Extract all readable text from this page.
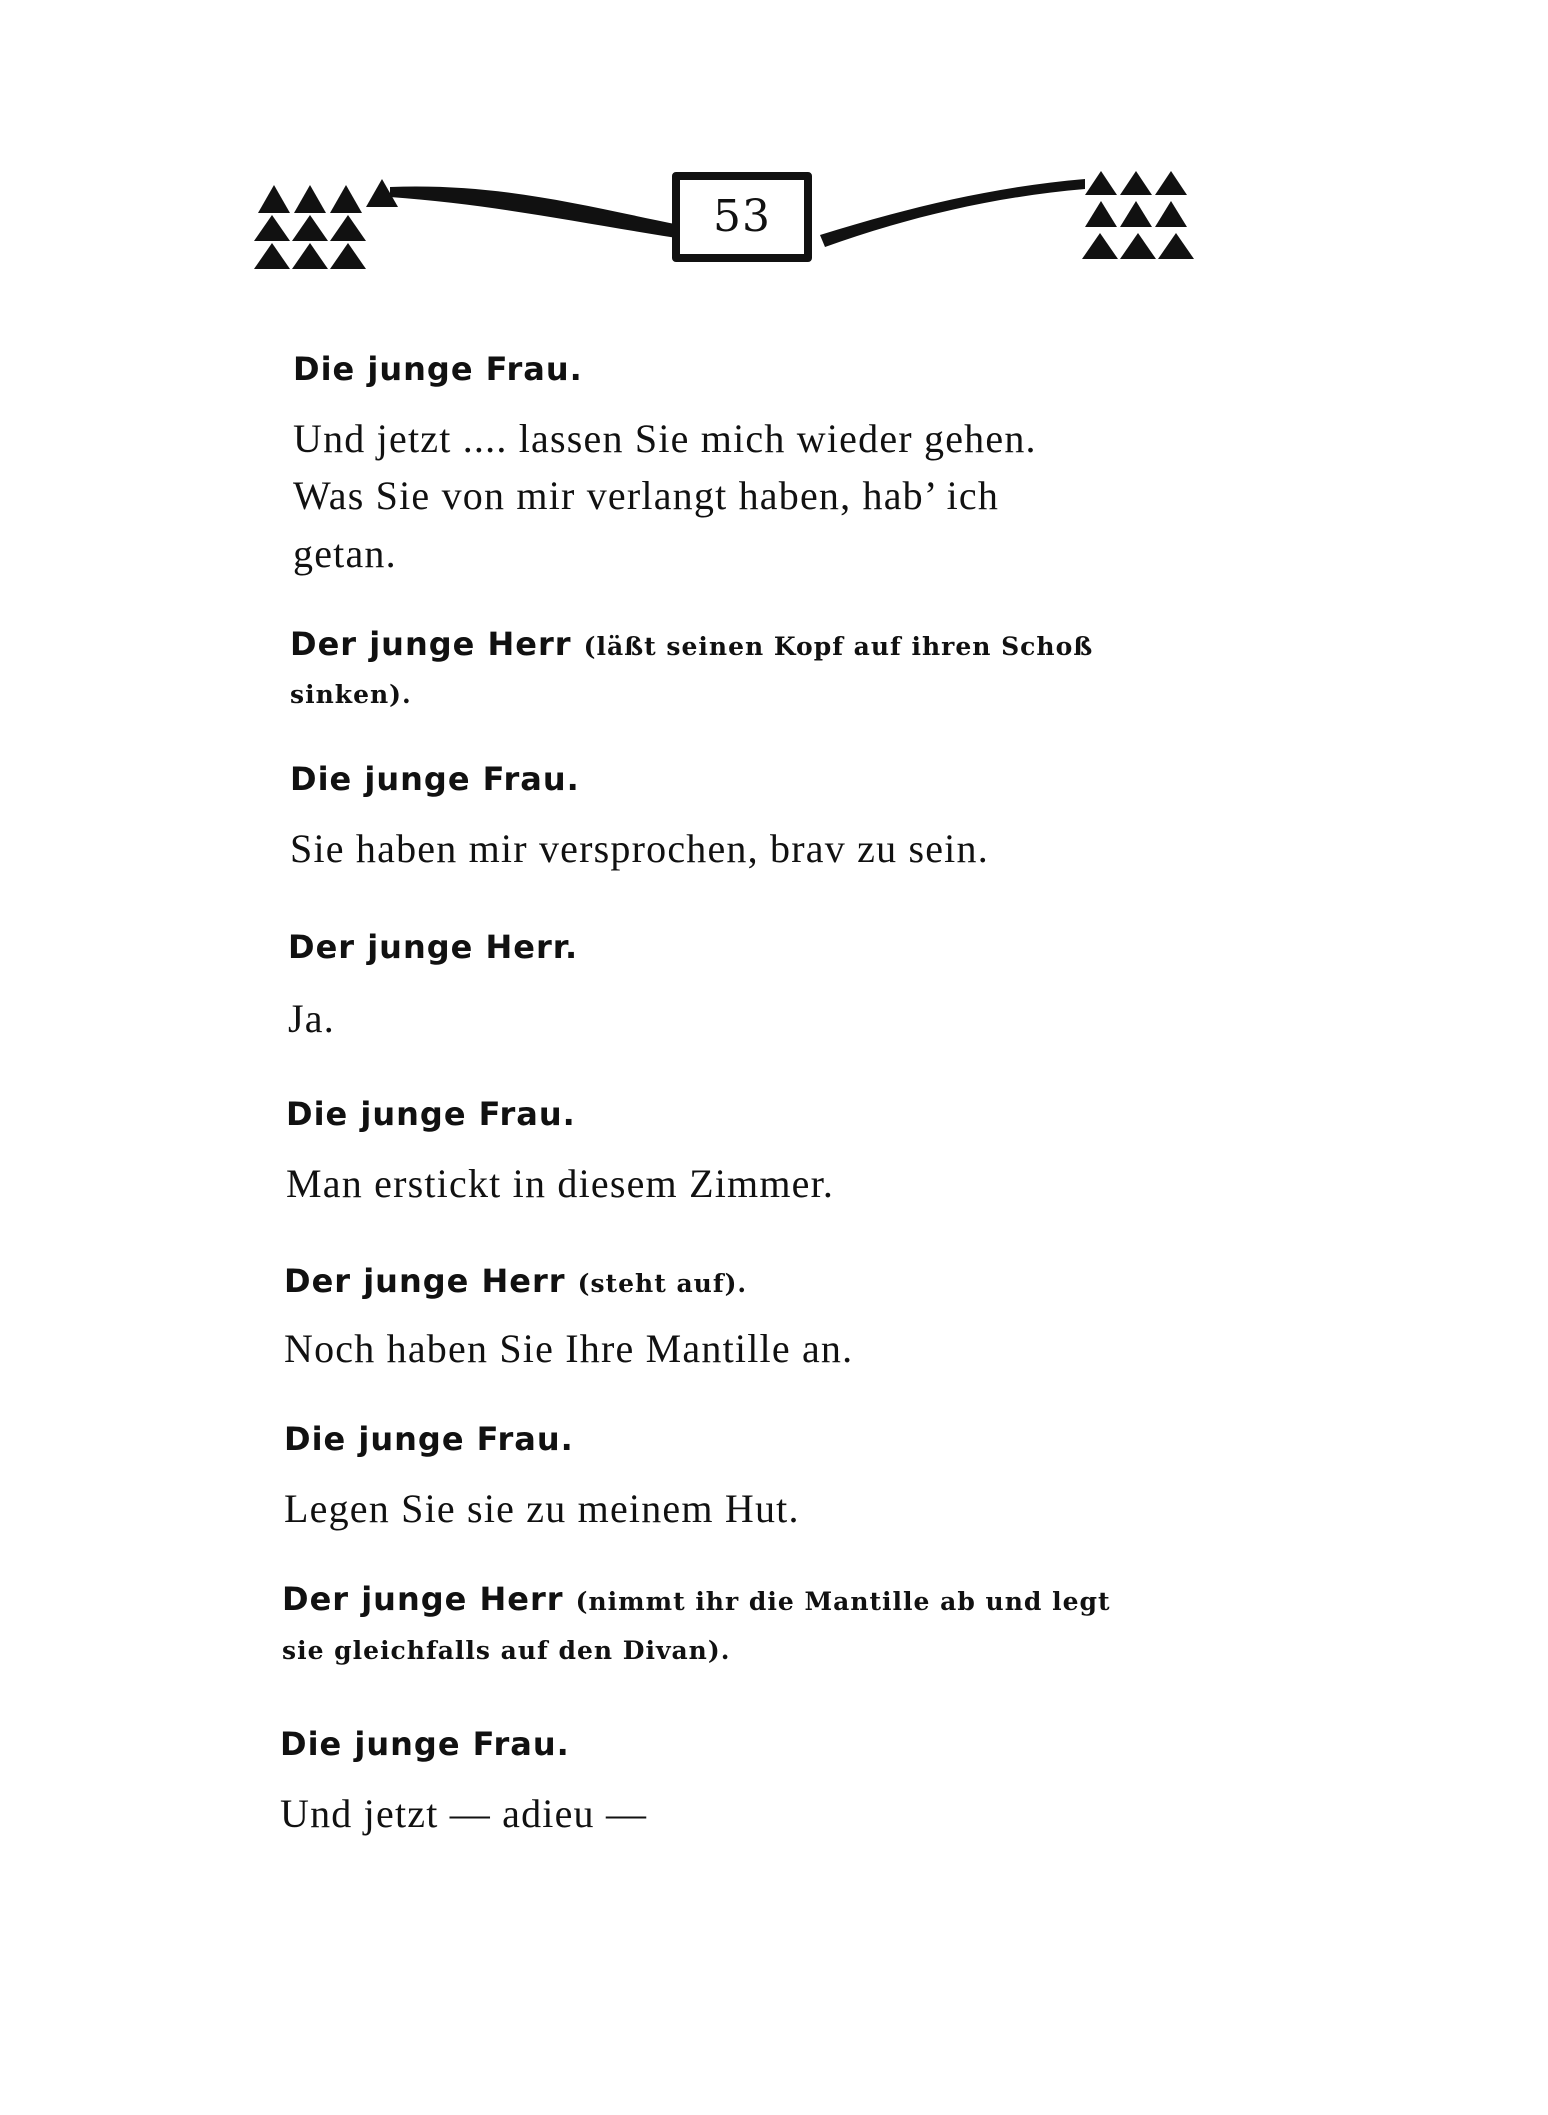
53
Die junge Frau.
Und jetzt .... lassen Sie mich wieder gehen.
Was Sie von mir verlangt haben, hab’ ich
getan.
Der junge Herr (läßt seinen Kopf auf ihren Schoß
sinken).
Die junge Frau.
Sie haben mir versprochen, brav zu sein.
Der junge Herr.
Ja.
Die junge Frau.
Man erstickt in diesem Zimmer.
Der junge Herr (steht auf).
Noch haben Sie Ihre Mantille an.
Die junge Frau.
Legen Sie sie zu meinem Hut.
Der junge Herr (nimmt ihr die Mantille ab und legt
sie gleichfalls auf den Divan).
Die junge Frau.
Und jetzt — adieu —
